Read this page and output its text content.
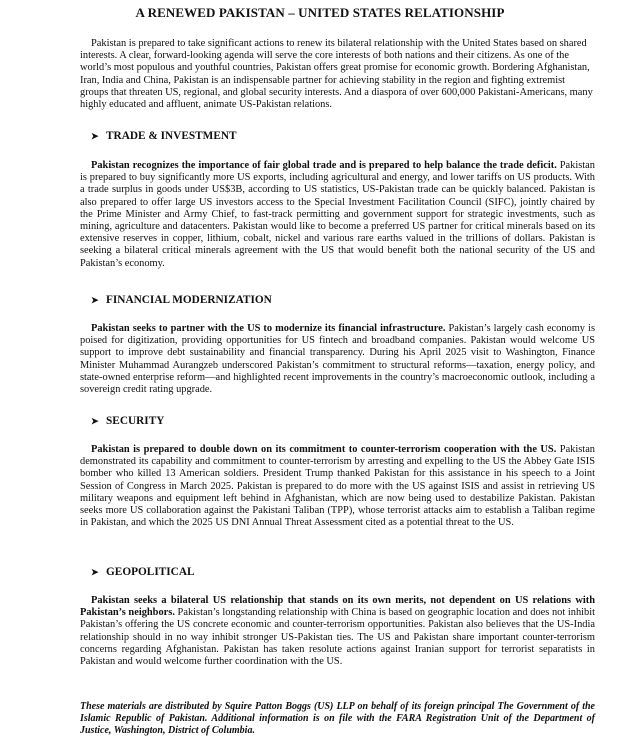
A RENEWED PAKISTAN – UNITED STATES RELATIONSHIP

Pakistan is prepared to take significant actions to renew its bilateral relationship with the United States based on shared interests. A clear, forward-looking agenda will serve the core interests of both nations and their citizens. As one of the world’s most populous and youthful countries, Pakistan offers great promise for economic growth. Bordering Afghanistan, Iran, India and China, Pakistan is an indispensable partner for achieving stability in the region and fighting extremist groups that threaten US, regional, and global security interests. And a diaspora of over 600,000 Pakistani-Americans, many highly educated and affluent, animate US-Pakistan relations.

➤ TRADE & INVESTMENT

Pakistan recognizes the importance of fair global trade and is prepared to help balance the trade deficit. Pakistan is prepared to buy significantly more US exports, including agricultural and energy, and lower tariffs on US products. With a trade surplus in goods under US$3B, according to US statistics, US-Pakistan trade can be quickly balanced. Pakistan is also prepared to offer large US investors access to the Special Investment Facilitation Council (SIFC), jointly chaired by the Prime Minister and Army Chief, to fast-track permitting and government support for strategic investments, such as mining, agriculture and datacenters. Pakistan would like to become a preferred US partner for critical minerals based on its extensive reserves in copper, lithium, cobalt, nickel and various rare earths valued in the trillions of dollars. Pakistan is seeking a bilateral critical minerals agreement with the US that would benefit both the national security of the US and Pakistan’s economy.

➤ FINANCIAL MODERNIZATION

Pakistan seeks to partner with the US to modernize its financial infrastructure. Pakistan’s largely cash economy is poised for digitization, providing opportunities for US fintech and broadband companies. Pakistan would welcome US support to improve debt sustainability and financial transparency. During his April 2025 visit to Washington, Finance Minister Muhammad Aurangzeb underscored Pakistan’s commitment to structural reforms—taxation, energy policy, and state-owned enterprise reform—and highlighted recent improvements in the country’s macroeconomic outlook, including a sovereign credit rating upgrade.

➤ SECURITY

Pakistan is prepared to double down on its commitment to counter-terrorism cooperation with the US. Pakistan demonstrated its capability and commitment to counter-terrorism by arresting and expelling to the US the Abbey Gate ISIS bomber who killed 13 American soldiers. President Trump thanked Pakistan for this assistance in his speech to a Joint Session of Congress in March 2025. Pakistan is prepared to do more with the US against ISIS and assist in retrieving US military weapons and equipment left behind in Afghanistan, which are now being used to destabilize Pakistan. Pakistan seeks more US collaboration against the Pakistani Taliban (TPP), whose terrorist attacks aim to establish a Taliban regime in Pakistan, and which the 2025 US DNI Annual Threat Assessment cited as a potential threat to the US.

➤ GEOPOLITICAL

Pakistan seeks a bilateral US relationship that stands on its own merits, not dependent on US relations with Pakistan’s neighbors. Pakistan’s longstanding relationship with China is based on geographic location and does not inhibit Pakistan’s offering the US concrete economic and counter-terrorism opportunities. Pakistan also believes that the US-India relationship should in no way inhibit stronger US-Pakistan ties. The US and Pakistan share important counter-terrorism concerns regarding Afghanistan. Pakistan has taken resolute actions against Iranian support for terrorist separatists in Pakistan and would welcome further coordination with the US.

These materials are distributed by Squire Patton Boggs (US) LLP on behalf of its foreign principal The Government of the Islamic Republic of Pakistan. Additional information is on file with the FARA Registration Unit of the Department of Justice, Washington, District of Columbia.
